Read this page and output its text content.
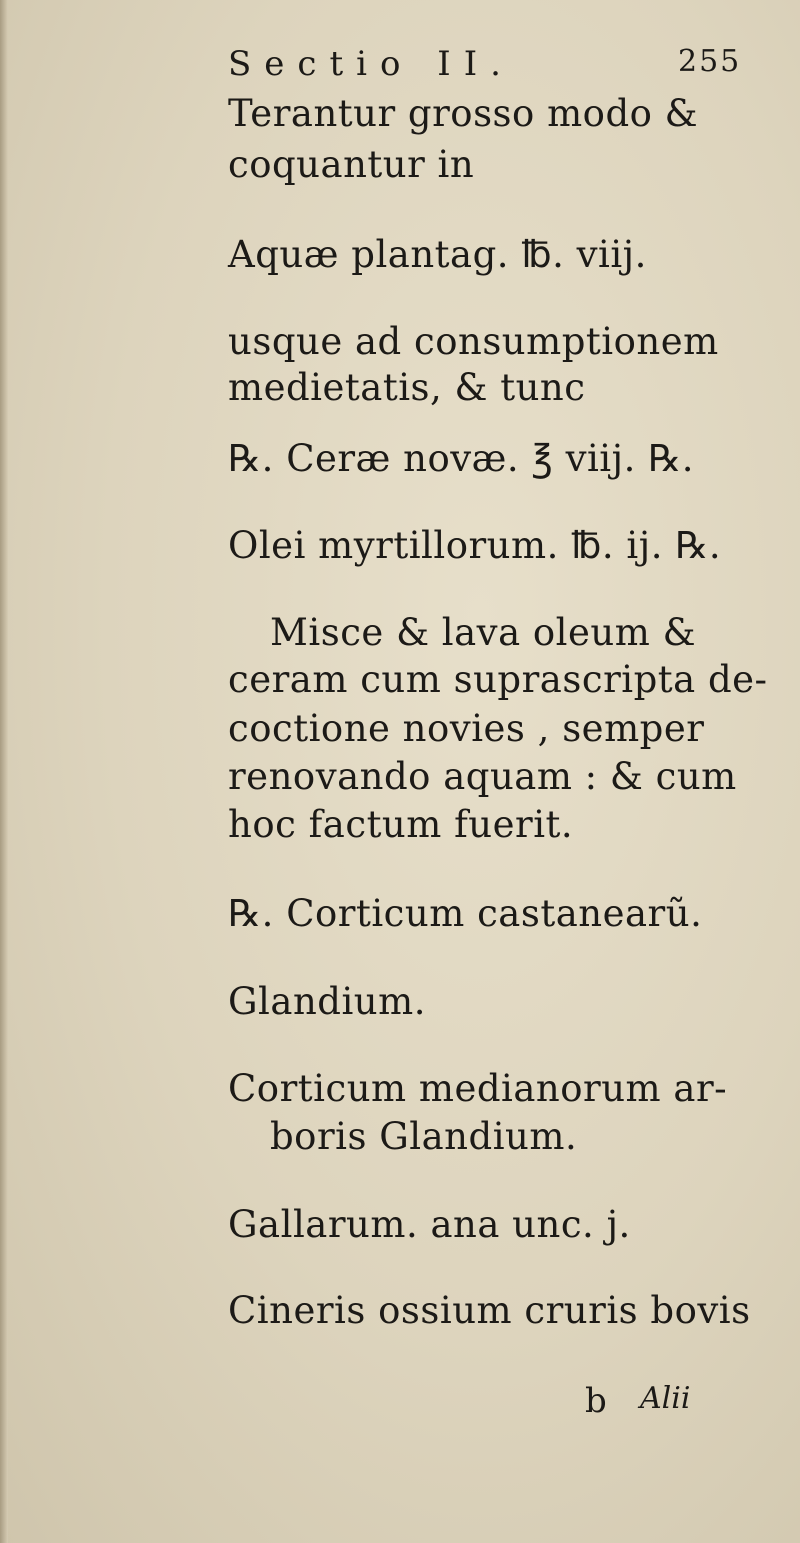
Sectio II.	255
Terantur grosso modo &
coquantur in
Aquæ plantag. ℔. viij.
usque ad consumptionem
medietatis, & tunc
℞. Ceræ novæ. ℥ viij. ℞.
Olei myrtillorum. ℔. ij. ℞.
Misce & lava oleum &
ceram cum suprascripta de-
coctione novies , semper
renovando aquam : & cum
hoc factum fuerit.
℞. Corticum castanearũ.
Glandium.
Corticum medianorum ar-
boris Glandium.
Gallarum. ana unc. j.
Cineris ossium cruris bovis
b Alii
